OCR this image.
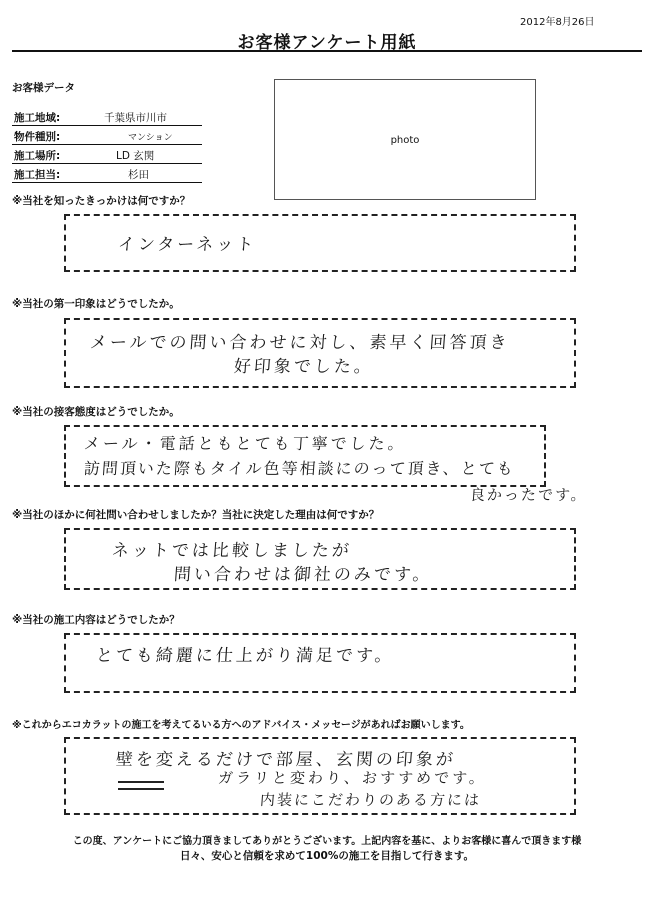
2012年8月26日
お客様アンケート用紙
お客様データ
施工地域:	千葉県市川市
物件種別:	マンション
施工場所:	LD 玄関
施工担当:	杉田
photo
※当社を知ったきっかけは何ですか？
インターネット
※当社の第一印象はどうでしたか。
メールでの問い合わせに対し、素早く回答頂き
好印象でした。
※当社の接客態度はどうでしたか。
メール・電話ともとても丁寧でした。
訪問頂いた際もタイル色等相談にのって頂き、とても
良かったです。
※当社のほかに何社問い合わせしましたか？当社に決定した理由は何ですか？
ネットでは比較しましたが
問い合わせは御社のみです。
※当社の施工内容はどうでしたか？
とても綺麗に仕上がり満足です。
※これからエコカラットの施工を考えてるいる方へのアドバイス・メッセージがあればお願いします。
壁を変えるだけで部屋、玄関の印象が
ガラリと変わり、おすすめです。
内装にこだわりのある方には
この度、アンケートにご協力頂きましてありがとうございます。上記内容を基に、よりお客様に喜んで頂きます様
日々、安心と信頼を求めて100%の施工を目指して行きます。
